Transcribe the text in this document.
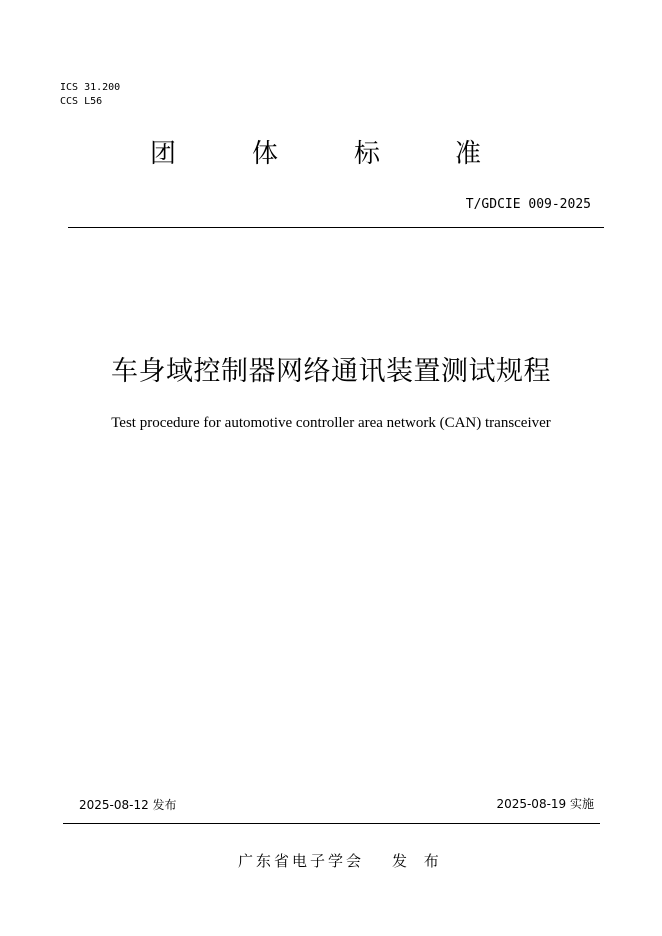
ICS 31.200
CCS L56
团	体	标	准
T/GDCIE 009-2025
车身域控制器网络通讯装置测试规程
Test procedure for automotive controller area network (CAN) transceiver
2025-08-12 发布	2025-08-19 实施
广东省电子学会 发 布
